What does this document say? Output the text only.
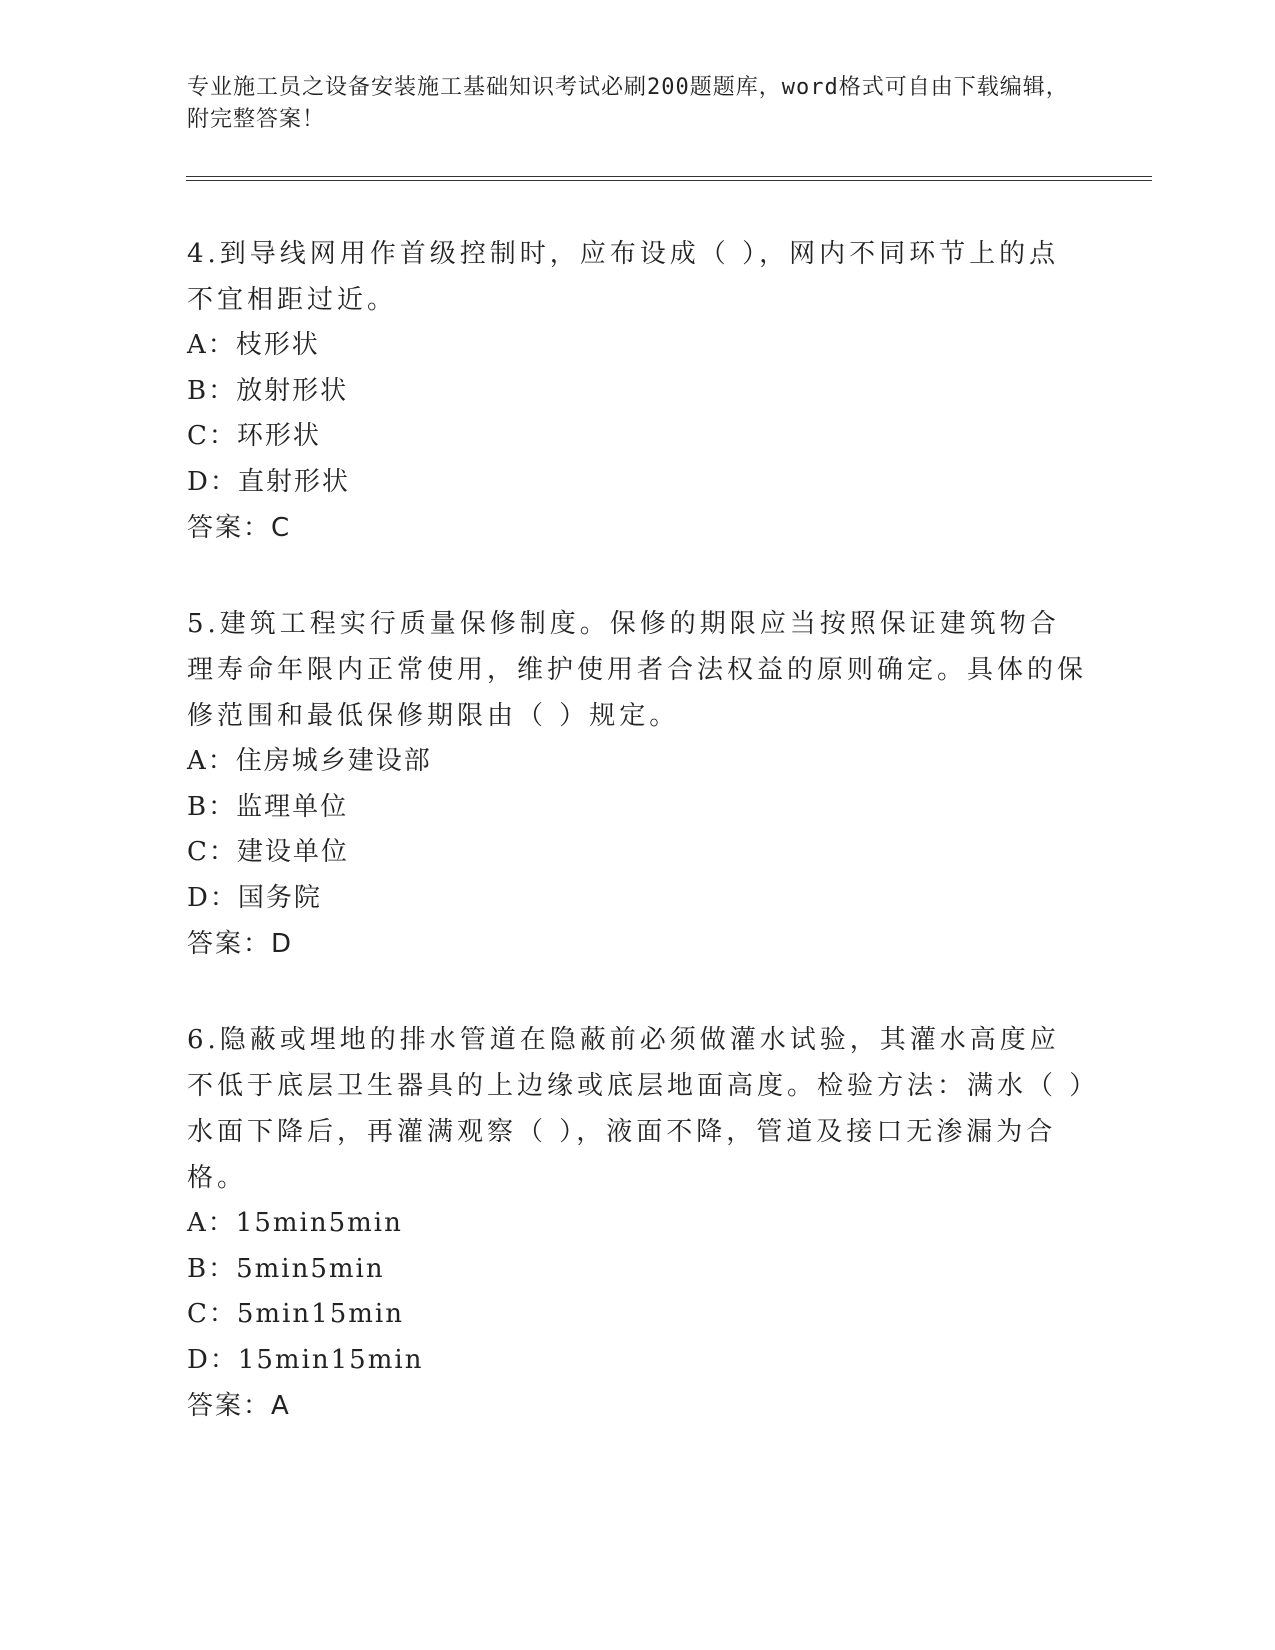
专业施工员之设备安装施工基础知识考试必刷200题题库，word格式可自由下载编辑，附完整答案！

4.到导线网用作首级控制时，应布设成（ ），网内不同环节上的点不宜相距过近。

A：枝形状

B：放射形状

C：环形状

D：直射形状

答案：C

5.建筑工程实行质量保修制度。保修的期限应当按照保证建筑物合理寿命年限内正常使用，维护使用者合法权益的原则确定。具体的保修范围和最低保修期限由（ ）规定。

A：住房城乡建设部

B：监理单位

C：建设单位

D：国务院

答案：D

6.隐蔽或埋地的排水管道在隐蔽前必须做灌水试验，其灌水高度应不低于底层卫生器具的上边缘或底层地面高度。检验方法：满水（ ）水面下降后，再灌满观察（ ），液面不降，管道及接口无渗漏为合格。

A：15min5min

B：5min5min

C：5min15min

D：15min15min

答案：A
